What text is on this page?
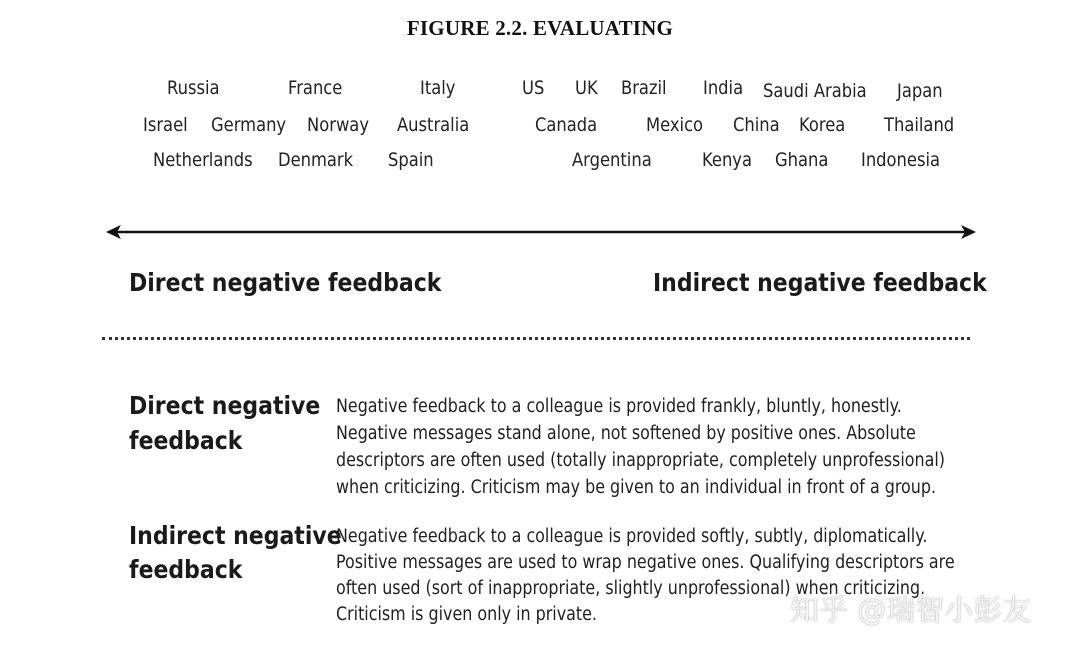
FIGURE 2.2. EVALUATING
Russia	France	Italy	US UK Brazil India Saudi Arabia Japan
Israel Germany Norway Australia	Canada	Mexico China Korea Thailand
Netherlands Denmark Spain	Argentina	Kenya Ghana Indonesia
Direct negative feedback	Indirect negative feedback
Direct negative
feedback
Negative feedback to a colleague is provided frankly, bluntly, honestly.
Negative messages stand alone, not softened by positive ones. Absolute
descriptors are often used (totally inappropriate, completely unprofessional)
when criticizing. Criticism may be given to an individual in front of a group.
Indirect negative
feedback
Negative feedback to a colleague is provided softly, subtly, diplomatically.
Positive messages are used to wrap negative ones. Qualifying descriptors are
often used (sort of inappropriate, slightly unprofessional) when criticizing.
Criticism is given only in private.	知乎 @瑞智小彭友
